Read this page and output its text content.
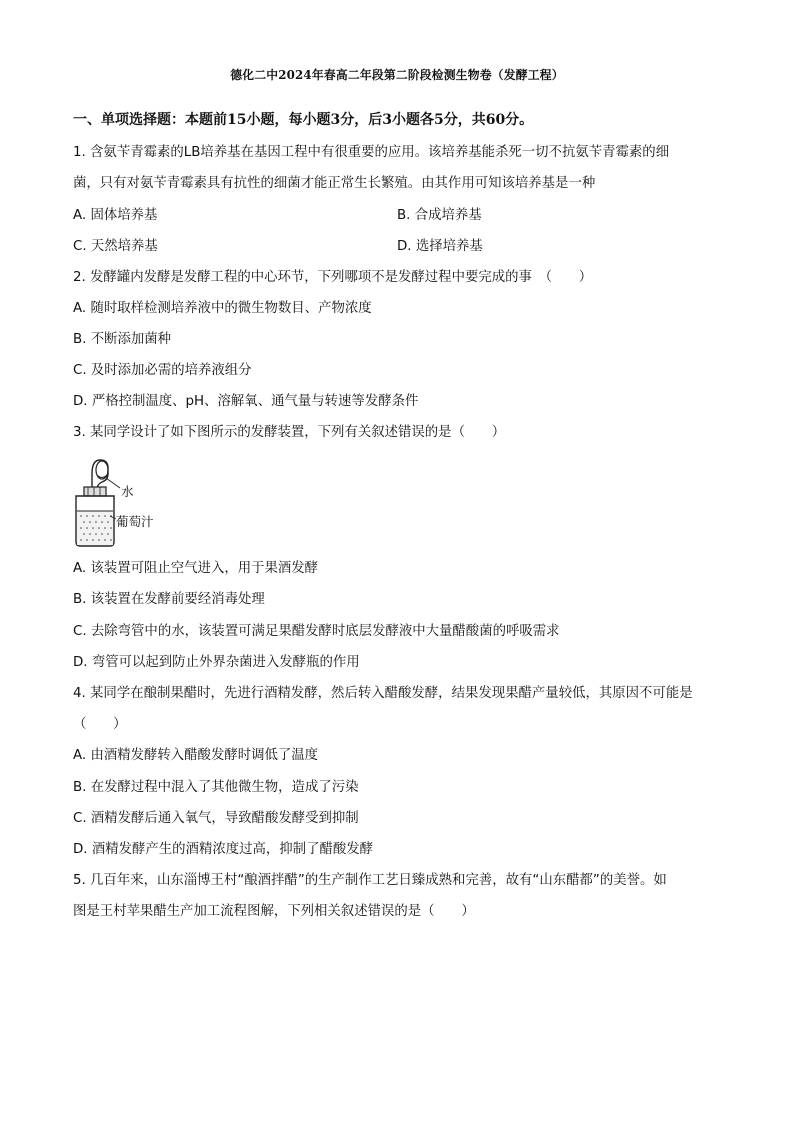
德化二中2024年春高二年段第二阶段检测生物卷（发酵工程）
一、单项选择题：本题前15小题，每小题3分，后3小题各5分，共60分。
1. 含氨苄青霉素的LB培养基在基因工程中有很重要的应用。该培养基能杀死一切不抗氨苄青霉素的细
菌，只有对氨苄青霉素具有抗性的细菌才能正常生长繁殖。由其作用可知该培养基是一种
A. 固体培养基	B. 合成培养基
C. 天然培养基	D. 选择培养基
2. 发酵罐内发酵是发酵工程的中心环节，下列哪项不是发酵过程中要完成的事　（　　）
A. 随时取样检测培养液中的微生物数目、产物浓度
B. 不断添加菌种
C. 及时添加必需的培养液组分
D. 严格控制温度、pH、溶解氧、通气量与转速等发酵条件
3. 某同学设计了如下图所示的发酵装置，下列有关叙述错误的是（　　）
水
葡萄汁
A. 该装置可阻止空气进入，用于果酒发酵
B. 该装置在发酵前要经消毒处理
C. 去除弯管中的水，该装置可满足果醋发酵时底层发酵液中大量醋酸菌的呼吸需求
D. 弯管可以起到防止外界杂菌进入发酵瓶的作用
4. 某同学在酿制果醋时，先进行酒精发酵，然后转入醋酸发酵，结果发现果醋产量较低，其原因不可能是
（　　）
A. 由酒精发酵转入醋酸发酵时调低了温度
B. 在发酵过程中混入了其他微生物，造成了污染
C. 酒精发酵后通入氧气，导致醋酸发酵受到抑制
D. 酒精发酵产生的酒精浓度过高，抑制了醋酸发酵
5. 几百年来，山东淄博王村“酿酒拌醋”的生产制作工艺日臻成熟和完善，故有“山东醋都”的美誉。如
图是王村苹果醋生产加工流程图解，下列相关叙述错误的是（　　）
